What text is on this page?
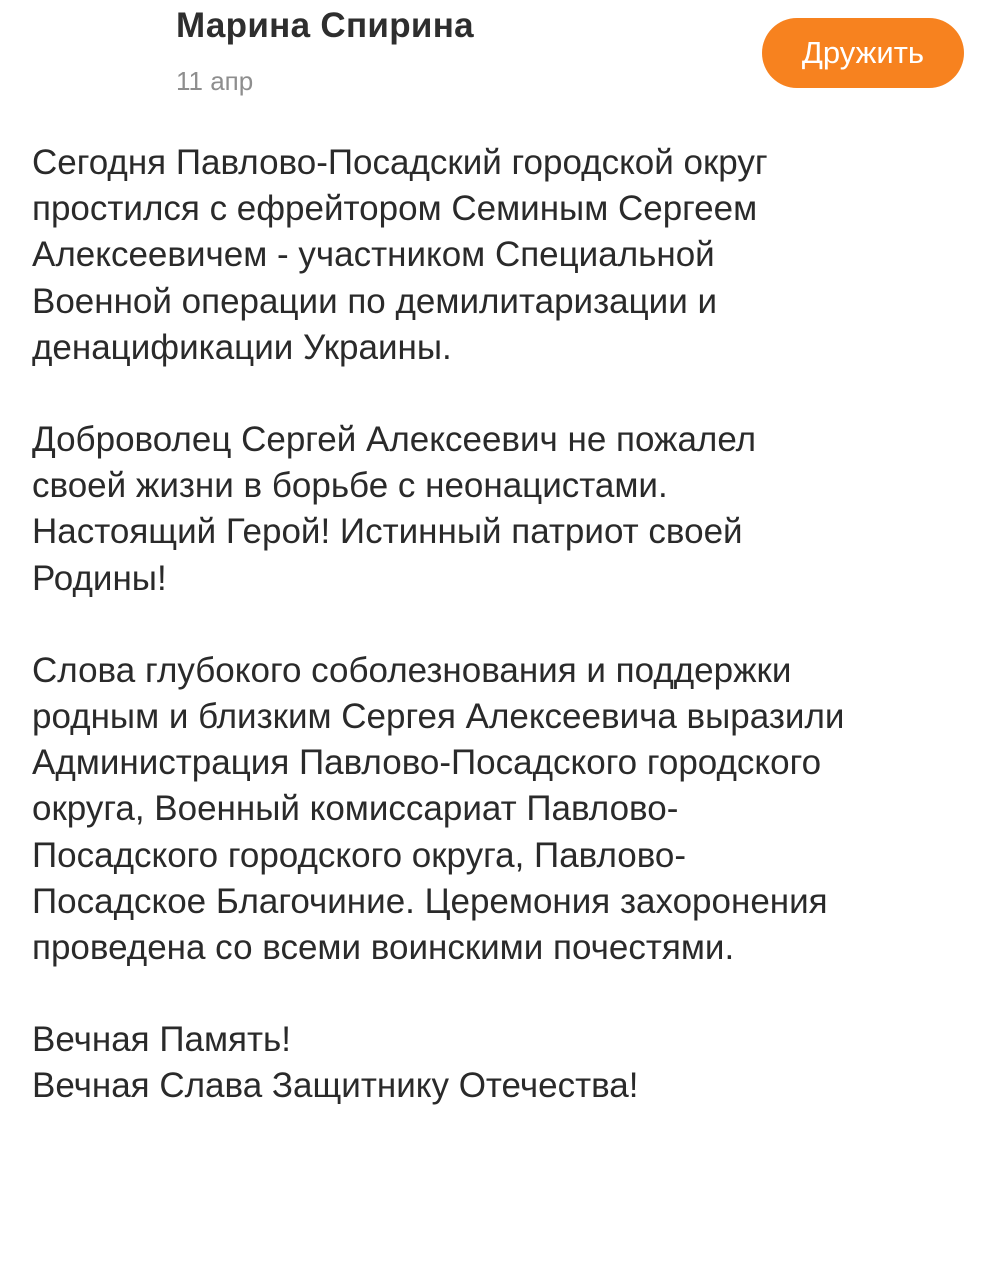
Марина Спирина
11 апр
Дружить

Сегодня Павлово-Посадский городской округ
простился с ефрейтором Семиным Сергеем
Алексеевичем - участником Специальной
Военной операции по демилитаризации и
денацификации Украины.

Доброволец Сергей Алексеевич не пожалел
своей жизни в борьбе с неонацистами.
Настоящий Герой! Истинный патриот своей
Родины!

Слова глубокого соболезнования и поддержки
родным и близким Сергея Алексеевича выразили
Администрация Павлово-Посадского городского
округа, Военный комиссариат Павлово-
Посадского городского округа, Павлово-
Посадское Благочиние. Церемония захоронения
проведена со всеми воинскими почестями.

Вечная Память!
Вечная Слава Защитнику Отечества!
